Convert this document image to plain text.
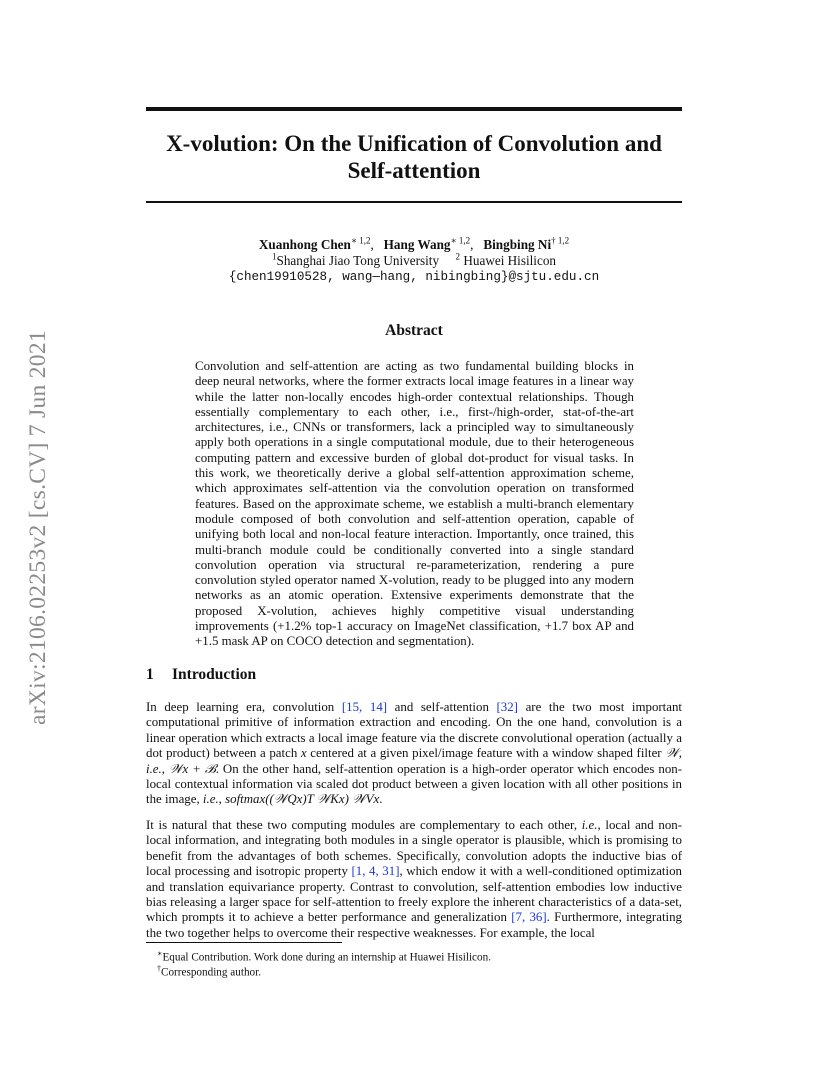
arXiv:2106.02253v2 [cs.CV] 7 Jun 2021
X-volution: On the Unification of Convolution and Self-attention
Xuanhong Chen$^{∗ 1,2}$,   Hang Wang$^{∗ 1,2}$,   Bingbing Ni$^{\dagger 1,2}$
$^1$Shanghai Jiao Tong University $^2$ Huawei Hisilicon
{chen19910528, wang—hang, nibingbing}@sjtu.edu.cn
Abstract

Convolution and self-attention are acting as two fundamental building blocks in deep neural networks, where the former extracts local image features in a linear way while the latter non-locally encodes high-order contextual relationships. Though essentially complementary to each other, i.e., first-/high-order, stat-of-the-art architectures, i.e., CNNs or transformers, lack a principled way to simultaneously apply both operations in a single computational module, due to their heterogeneous computing pattern and excessive burden of global dot-product for visual tasks. In this work, we theoretically derive a global self-attention approximation scheme, which approximates self-attention via the convolution operation on transformed features. Based on the approximate scheme, we establish a multi-branch elementary module composed of both convolution and self-attention operation, capable of unifying both local and non-local feature interaction. Importantly, once trained, this multi-branch module could be conditionally converted into a single standard convolution operation via structural re-parameterization, rendering a pure convolution styled operator named X-volution, ready to be plugged into any modern networks as an atomic operation. Extensive experiments demonstrate that the proposed X-volution, achieves highly competitive visual understanding improvements (+1.2% top-1 accuracy on ImageNet classification, +1.7 box AP and +1.5 mask AP on COCO detection and segmentation).

1 Introduction

In deep learning era, convolution [15, 14] and self-attention [32] are the two most important computational primitive of information extraction and encoding. On the one hand, convolution is a linear operation which extracts a local image feature via the discrete convolutional operation (actually a dot product) between a patch x centered at a given pixel/image feature with a window shaped filter 𝒲, i.e., 𝒲x + ℬ. On the other hand, self-attention operation is a high-order operator which encodes non-local contextual information via scaled dot product between a given location with all other positions in the image, i.e., softmax((𝒲Qx)T 𝒲Kx) 𝒲Vx.

It is natural that these two computing modules are complementary to each other, i.e., local and non-local information, and integrating both modules in a single operator is plausible, which is promising to benefit from the advantages of both schemes. Specifically, convolution adopts the inductive bias of local processing and isotropic property [1, 4, 31], which endow it with a well-conditioned optimization and translation equivariance property. Contrast to convolution, self-attention embodies low inductive bias releasing a larger space for self-attention to freely explore the inherent characteristics of a data-set, which prompts it to achieve a better performance and generalization [7, 36]. Furthermore, integrating the two together helps to overcome their respective weaknesses. For example, the local

∗Equal Contribution. Work done during an internship at Huawei Hisilicon.
†Corresponding author.
